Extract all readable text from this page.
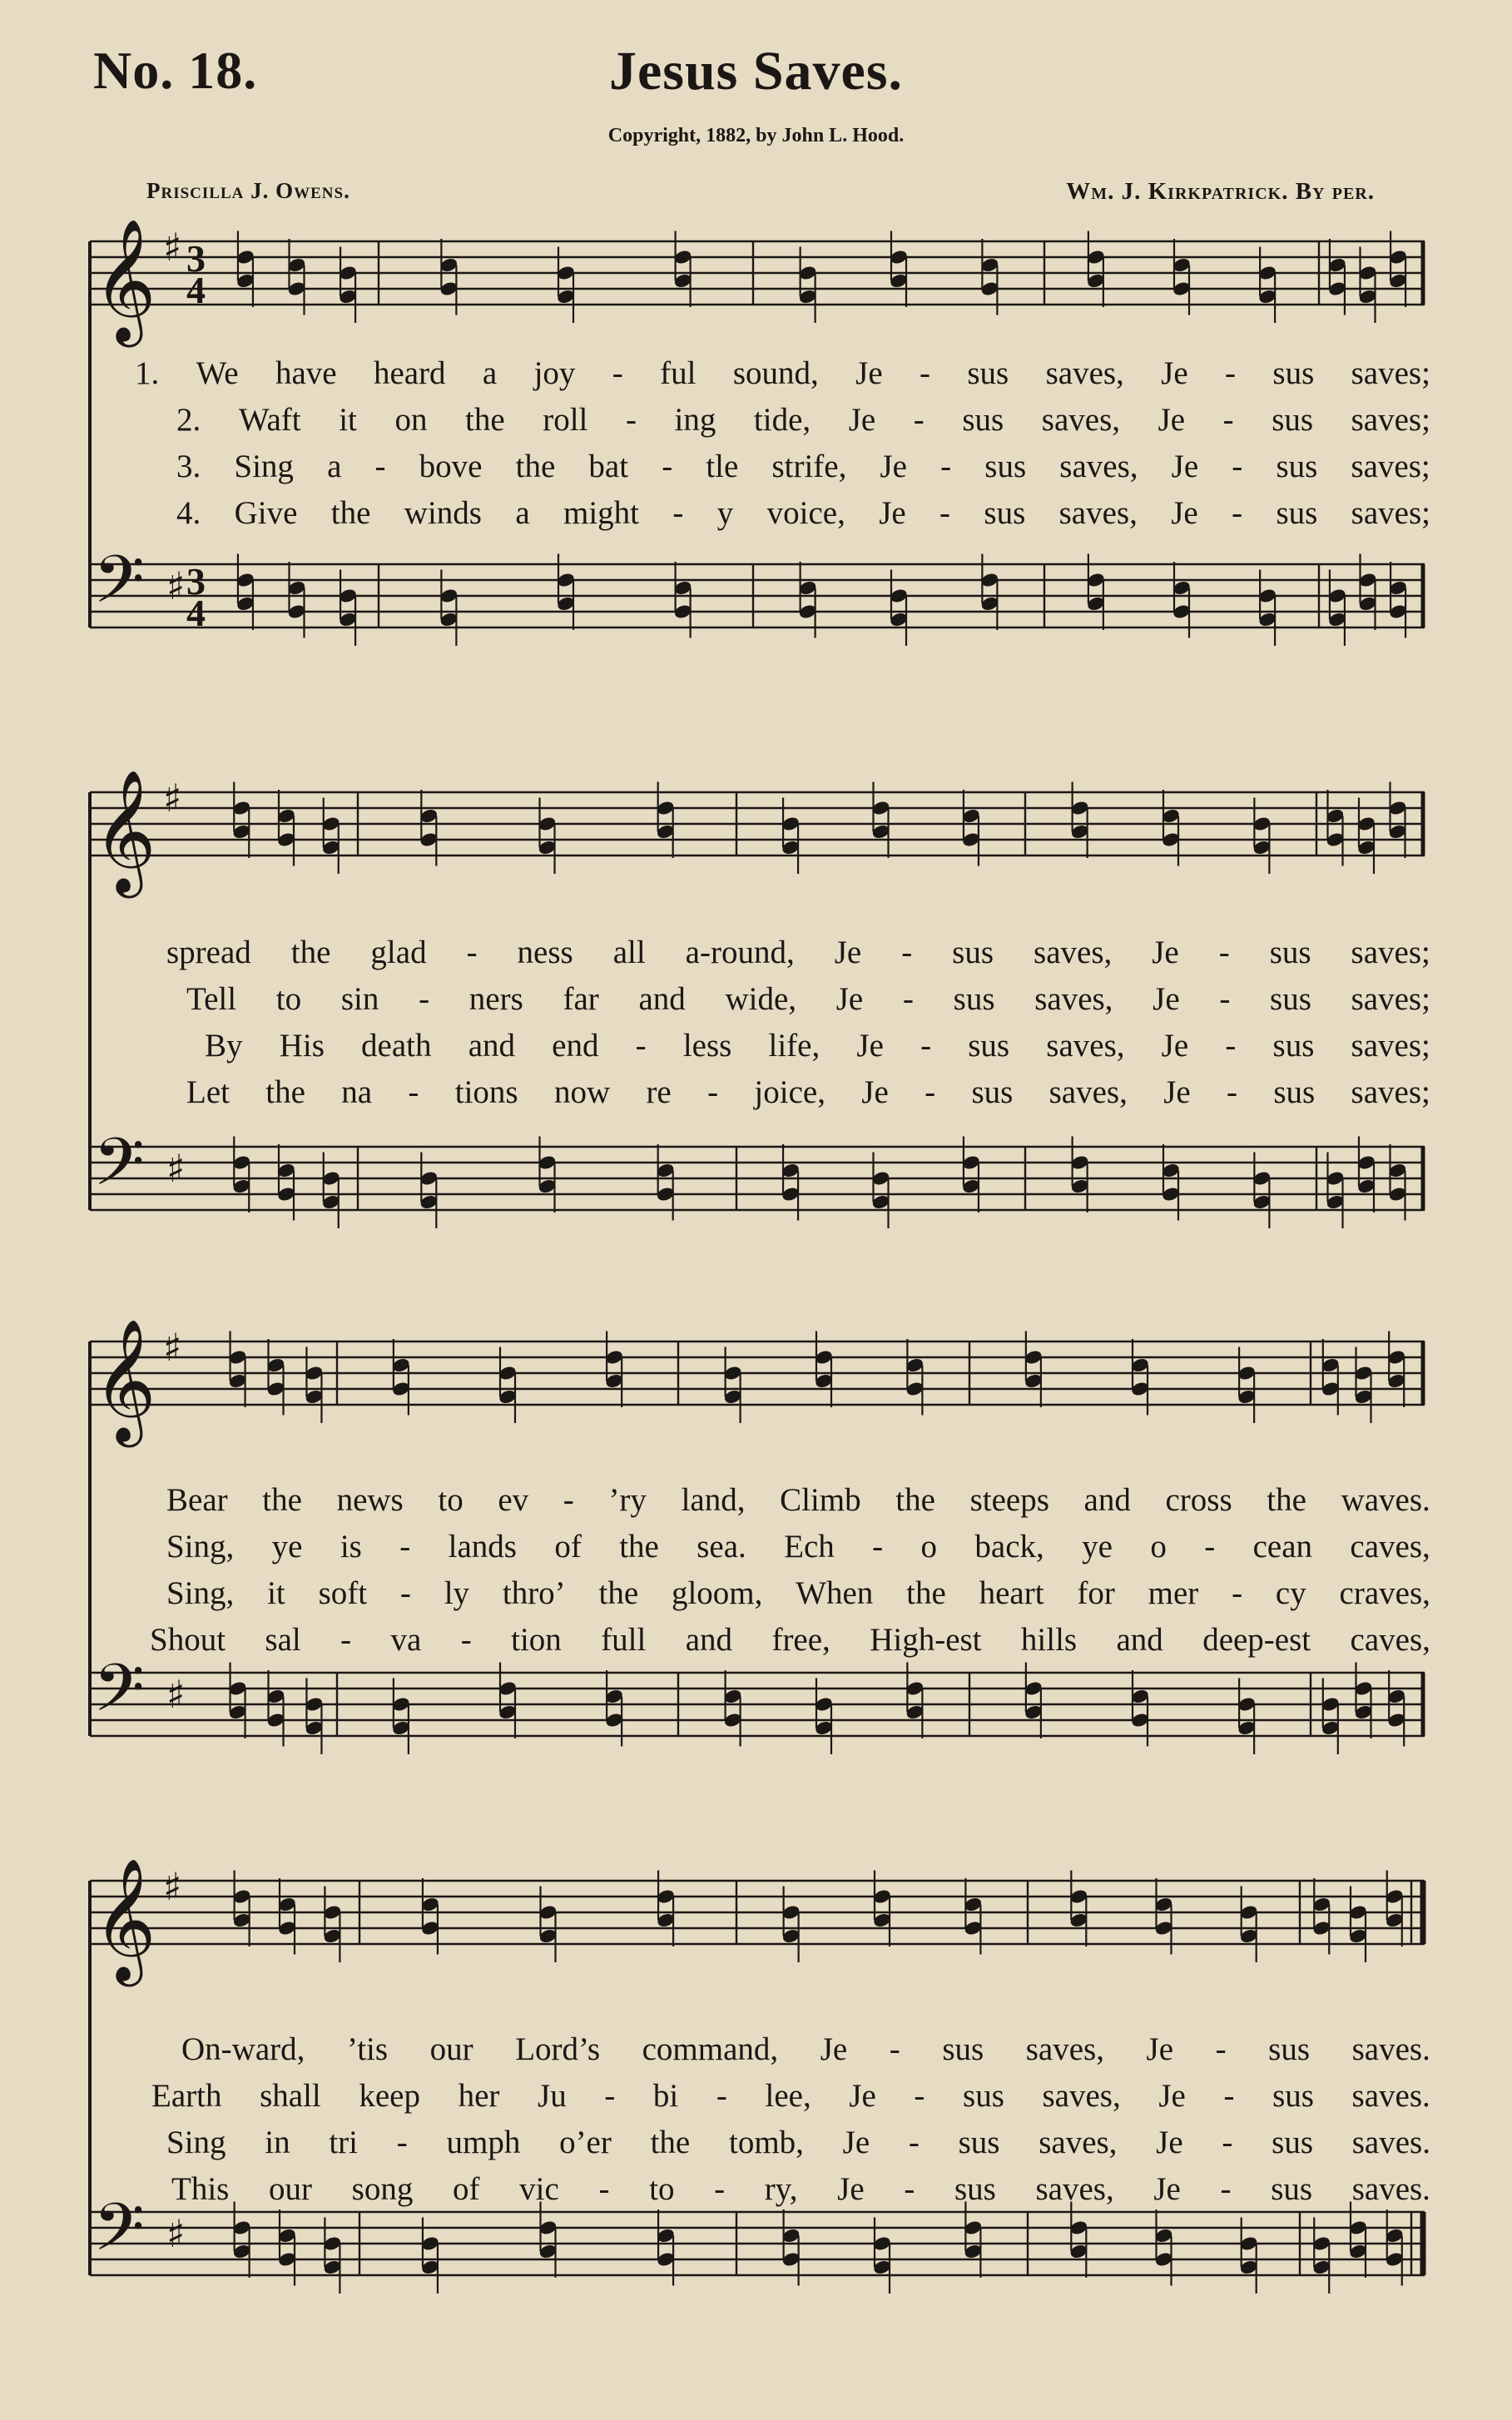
No. 18.	Jesus Saves.
Copyright, 1882, by John L. Hood.
Priscilla J. Owens.	Wm. J. Kirkpatrick. By per.
𝄞 ♯ 3
4
𝄢 ♯ 3
4
𝄞 ♯
𝄢 ♯
𝄞 ♯
𝄢 ♯
𝄞 ♯
𝄢 ♯
1. We have heard a joy - ful sound, Je - sus saves, Je - sus saves;
2. Waft it on the roll - ing tide, Je - sus saves, Je - sus saves;
3. Sing a - bove the bat - tle strife, Je - sus saves, Je - sus saves;
4. Give the winds a might - y voice, Je - sus saves, Je - sus saves;
spread the glad - ness all a-round, Je - sus saves, Je - sus saves;
Tell to sin - ners far and wide, Je - sus saves, Je - sus saves;
By His death and end - less life, Je - sus saves, Je - sus saves;
Let the na - tions now re - joice, Je - sus saves, Je - sus saves;
Bear the news to ev - ’ry land, Climb the steeps and cross the waves.
Sing, ye is - lands of the sea. Ech - o back, ye o - cean caves,
Sing, it soft - ly thro’ the gloom, When the heart for mer - cy craves,
Shout sal - va - tion full and free, High-est hills and deep-est caves,
On-ward, ’tis our Lord’s command, Je - sus saves, Je - sus saves.
Earth shall keep her Ju - bi - lee, Je - sus saves, Je - sus saves.
Sing in tri - umph o’er the tomb, Je - sus saves, Je - sus saves.
This our song of vic - to - ry, Je - sus saves, Je - sus saves.
